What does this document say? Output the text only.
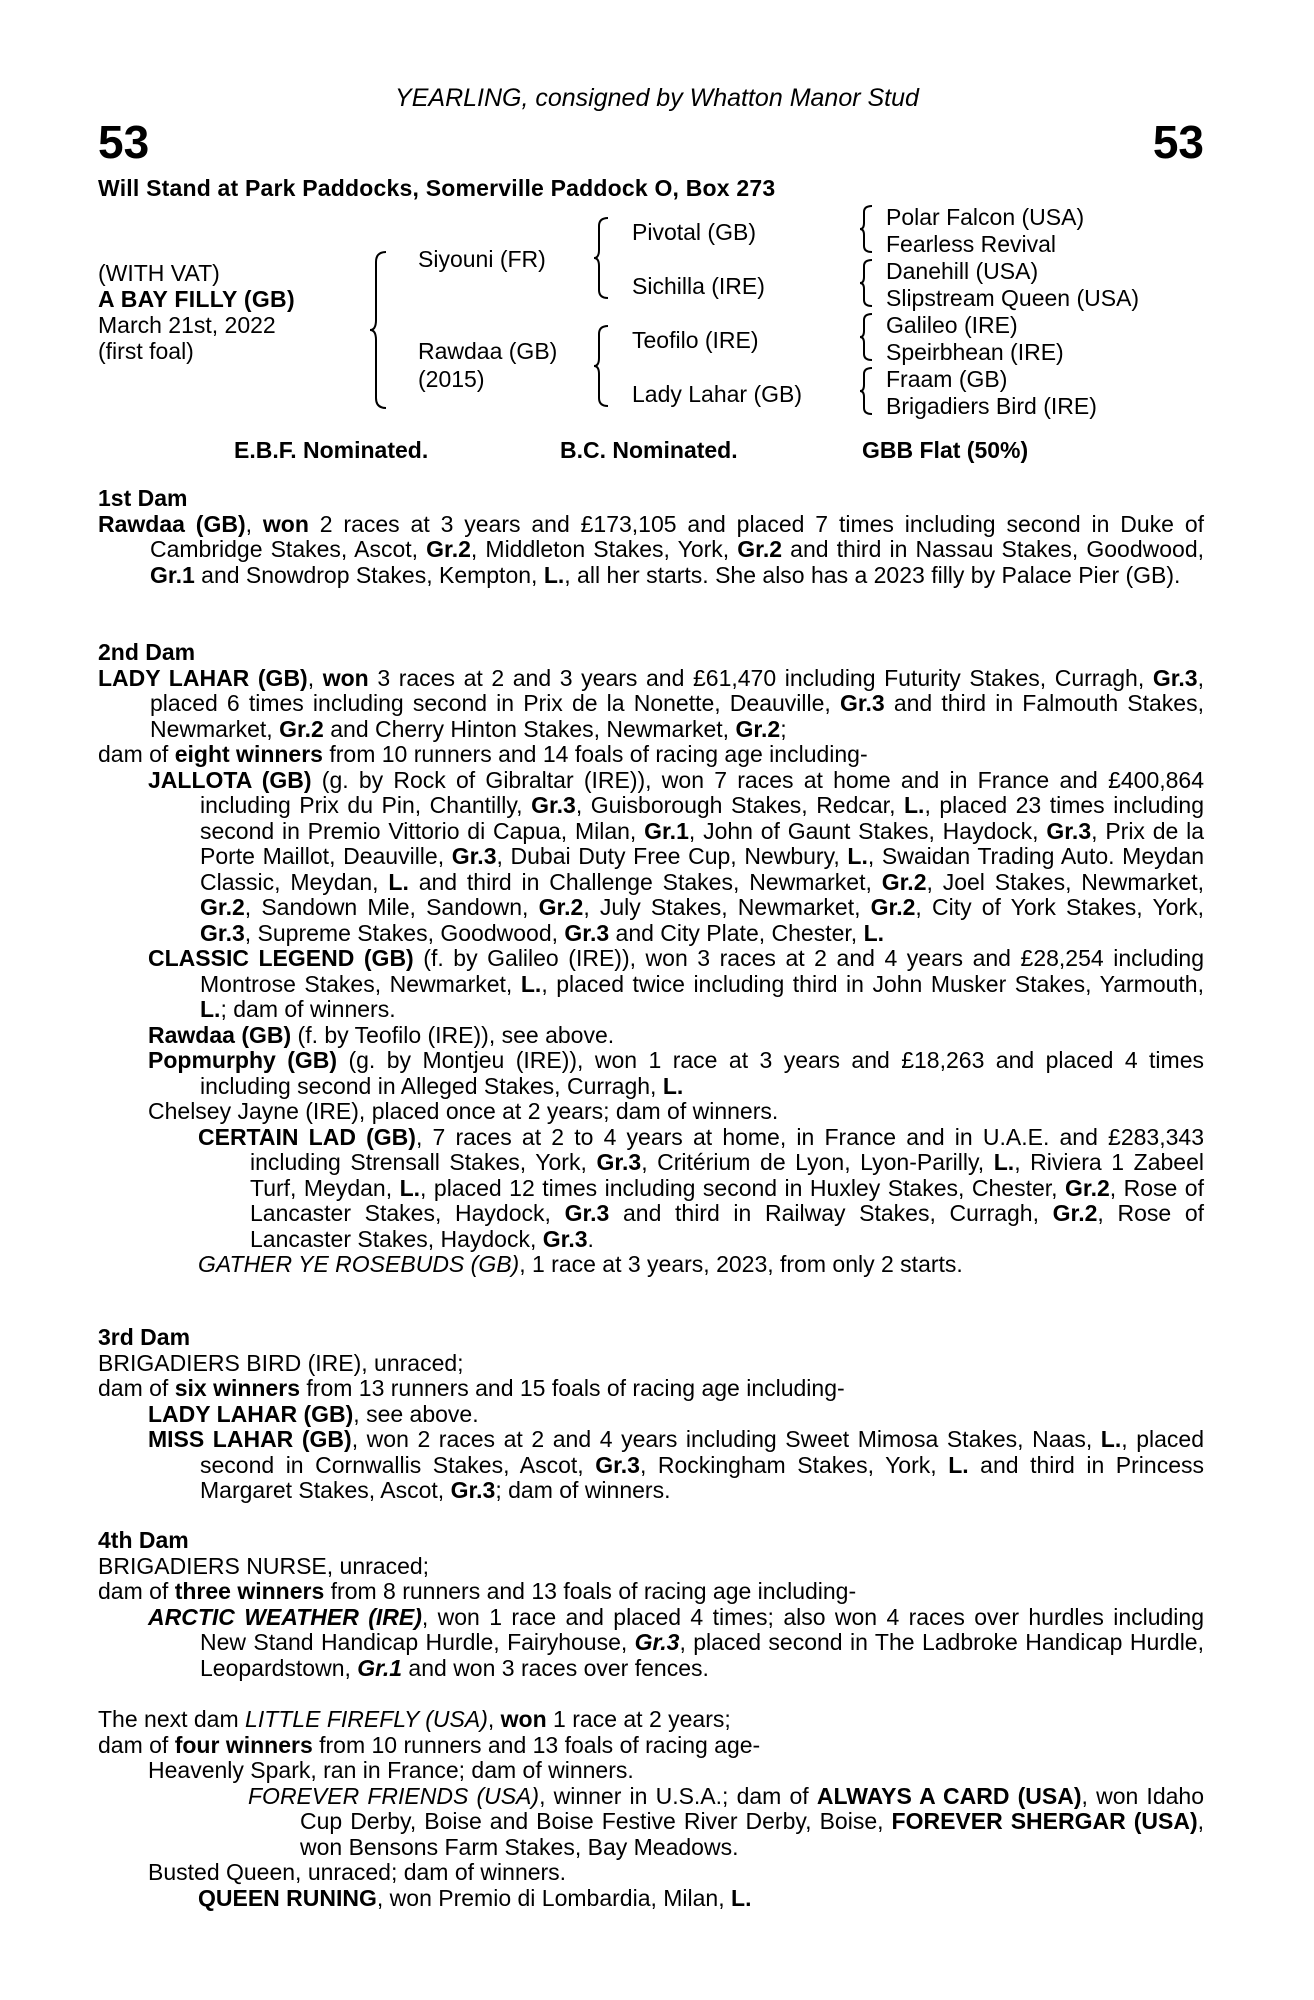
YEARLING, consigned by Whatton Manor Stud
53	53
Will Stand at Park Paddocks, Somerville Paddock O, Box 273
(WITH VAT)
A BAY FILLY (GB)
March 21st, 2022
(first foal)
Siyouni (FR)
Rawdaa (GB)
(2015)
Pivotal (GB)
Sichilla (IRE)
Teofilo (IRE)
Lady Lahar (GB)
Polar Falcon (USA)
Fearless Revival
Danehill (USA)
Slipstream Queen (USA)
Galileo (IRE)
Speirbhean (IRE)
Fraam (GB)
Brigadiers Bird (IRE)
E.B.F. Nominated.	B.C. Nominated.	GBB Flat (50%)
1st Dam

Rawdaa (GB), won 2 races at 3 years and £173,105 and placed 7 times including second in Duke of Cambridge Stakes, Ascot, Gr.2, Middleton Stakes, York, Gr.2 and third in Nassau Stakes, Goodwood, Gr.1 and Snowdrop Stakes, Kempton, L., all her starts. She also has a 2023 filly by Palace Pier (GB).

2nd Dam

LADY LAHAR (GB), won 3 races at 2 and 3 years and £61,470 including Futurity Stakes, Curragh, Gr.3, placed 6 times including second in Prix de la Nonette, Deauville, Gr.3 and third in Falmouth Stakes, Newmarket, Gr.2 and Cherry Hinton Stakes, Newmarket, Gr.2;

dam of eight winners from 10 runners and 14 foals of racing age including-

JALLOTA (GB) (g. by Rock of Gibraltar (IRE)), won 7 races at home and in France and £400,864 including Prix du Pin, Chantilly, Gr.3, Guisborough Stakes, Redcar, L., placed 23 times including second in Premio Vittorio di Capua, Milan, Gr.1, John of Gaunt Stakes, Haydock, Gr.3, Prix de la Porte Maillot, Deauville, Gr.3, Dubai Duty Free Cup, Newbury, L., Swaidan Trading Auto. Meydan Classic, Meydan, L. and third in Challenge Stakes, Newmarket, Gr.2, Joel Stakes, Newmarket, Gr.2, Sandown Mile, Sandown, Gr.2, July Stakes, Newmarket, Gr.2, City of York Stakes, York, Gr.3, Supreme Stakes, Goodwood, Gr.3 and City Plate, Chester, L.

CLASSIC LEGEND (GB) (f. by Galileo (IRE)), won 3 races at 2 and 4 years and £28,254 including Montrose Stakes, Newmarket, L., placed twice including third in John Musker Stakes, Yarmouth, L.; dam of winners.

Rawdaa (GB) (f. by Teofilo (IRE)), see above.

Popmurphy (GB) (g. by Montjeu (IRE)), won 1 race at 3 years and £18,263 and placed 4 times including second in Alleged Stakes, Curragh, L.

Chelsey Jayne (IRE), placed once at 2 years; dam of winners.

CERTAIN LAD (GB), 7 races at 2 to 4 years at home, in France and in U.A.E. and £283,343 including Strensall Stakes, York, Gr.3, Critérium de Lyon, Lyon-Parilly, L., Riviera 1 Zabeel Turf, Meydan, L., placed 12 times including second in Huxley Stakes, Chester, Gr.2, Rose of Lancaster Stakes, Haydock, Gr.3 and third in Railway Stakes, Curragh, Gr.2, Rose of Lancaster Stakes, Haydock, Gr.3.

GATHER YE ROSEBUDS (GB), 1 race at 3 years, 2023, from only 2 starts.

3rd Dam

BRIGADIERS BIRD (IRE), unraced;

dam of six winners from 13 runners and 15 foals of racing age including-

LADY LAHAR (GB), see above.

MISS LAHAR (GB), won 2 races at 2 and 4 years including Sweet Mimosa Stakes, Naas, L., placed second in Cornwallis Stakes, Ascot, Gr.3, Rockingham Stakes, York, L. and third in Princess Margaret Stakes, Ascot, Gr.3; dam of winners.

4th Dam

BRIGADIERS NURSE, unraced;

dam of three winners from 8 runners and 13 foals of racing age including-

ARCTIC WEATHER (IRE), won 1 race and placed 4 times; also won 4 races over hurdles including New Stand Handicap Hurdle, Fairyhouse, Gr.3, placed second in The Ladbroke Handicap Hurdle, Leopardstown, Gr.1 and won 3 races over fences.

The next dam LITTLE FIREFLY (USA), won 1 race at 2 years;

dam of four winners from 10 runners and 13 foals of racing age-

Heavenly Spark, ran in France; dam of winners.

FOREVER FRIENDS (USA), winner in U.S.A.; dam of ALWAYS A CARD (USA), won Idaho Cup Derby, Boise and Boise Festive River Derby, Boise, FOREVER SHERGAR (USA), won Bensons Farm Stakes, Bay Meadows.

Busted Queen, unraced; dam of winners.

QUEEN RUNING, won Premio di Lombardia, Milan, L.
